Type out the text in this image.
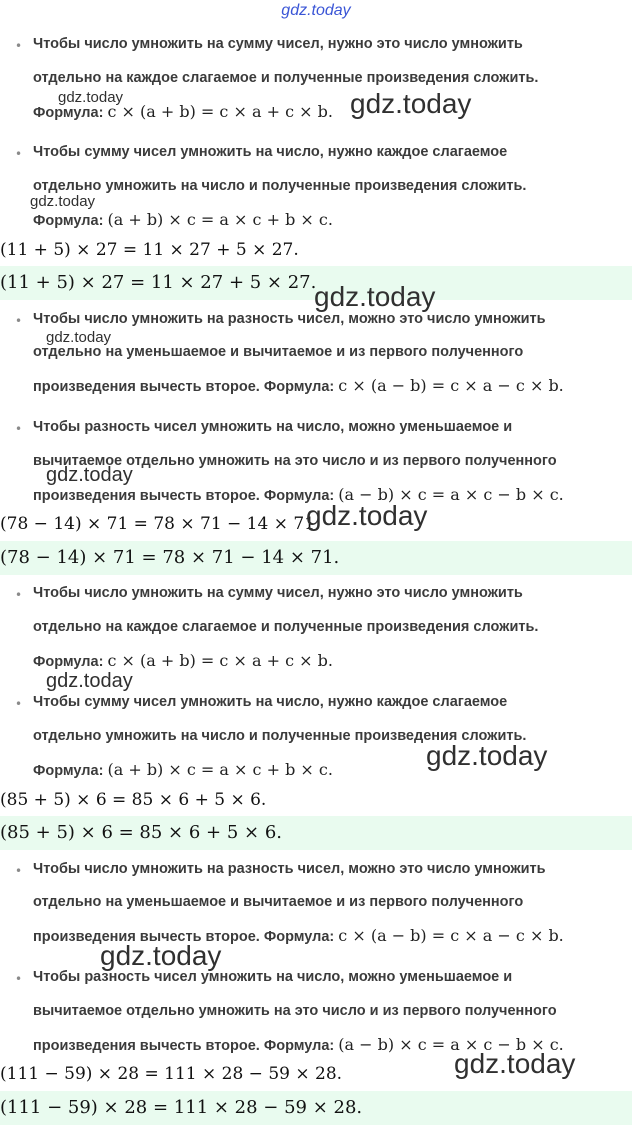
gdz.today
• Чтобы число умножить на сумму чисел, нужно это число умножить
отдельно на каждое слагаемое и полученные произведения сложить.
Формула: c × (a + b) = c × a + c × b.
• Чтобы сумму чисел умножить на число, нужно каждое слагаемое
отдельно умножить на число и полученные произведения сложить.
Формула: (a + b) × c = a × c + b × c.
(11 + 5) × 27 = 11 × 27 + 5 × 27.
(11 + 5) × 27 = 11 × 27 + 5 × 27.
• Чтобы число умножить на разность чисел, можно это число умножить
отдельно на уменьшаемое и вычитаемое и из первого полученного
произведения вычесть второе. Формула: c × (a − b) = c × a − c × b.
• Чтобы разность чисел умножить на число, можно уменьшаемое и
вычитаемое отдельно умножить на это число и из первого полученного
произведения вычесть второе. Формула: (a − b) × c = a × c − b × c.
(78 − 14) × 71 = 78 × 71 − 14 × 71.
(78 − 14) × 71 = 78 × 71 − 14 × 71.
• Чтобы число умножить на сумму чисел, нужно это число умножить
отдельно на каждое слагаемое и полученные произведения сложить.
Формула: c × (a + b) = c × a + c × b.
• Чтобы сумму чисел умножить на число, нужно каждое слагаемое
отдельно умножить на число и полученные произведения сложить.
Формула: (a + b) × c = a × c + b × c.
(85 + 5) × 6 = 85 × 6 + 5 × 6.
(85 + 5) × 6 = 85 × 6 + 5 × 6.
• Чтобы число умножить на разность чисел, можно это число умножить
отдельно на уменьшаемое и вычитаемое и из первого полученного
произведения вычесть второе. Формула: c × (a − b) = c × a − c × b.
• Чтобы разность чисел умножить на число, можно уменьшаемое и
вычитаемое отдельно умножить на это число и из первого полученного
произведения вычесть второе. Формула: (a − b) × c = a × c − b × c.
(111 − 59) × 28 = 111 × 28 − 59 × 28.
(111 − 59) × 28 = 111 × 28 − 59 × 28.
gdz.today	gdz.today
gdz.today
gdz.today
gdz.today
gdz.today
gdz.today
gdz.today
gdz.today
gdz.today
gdz.today
